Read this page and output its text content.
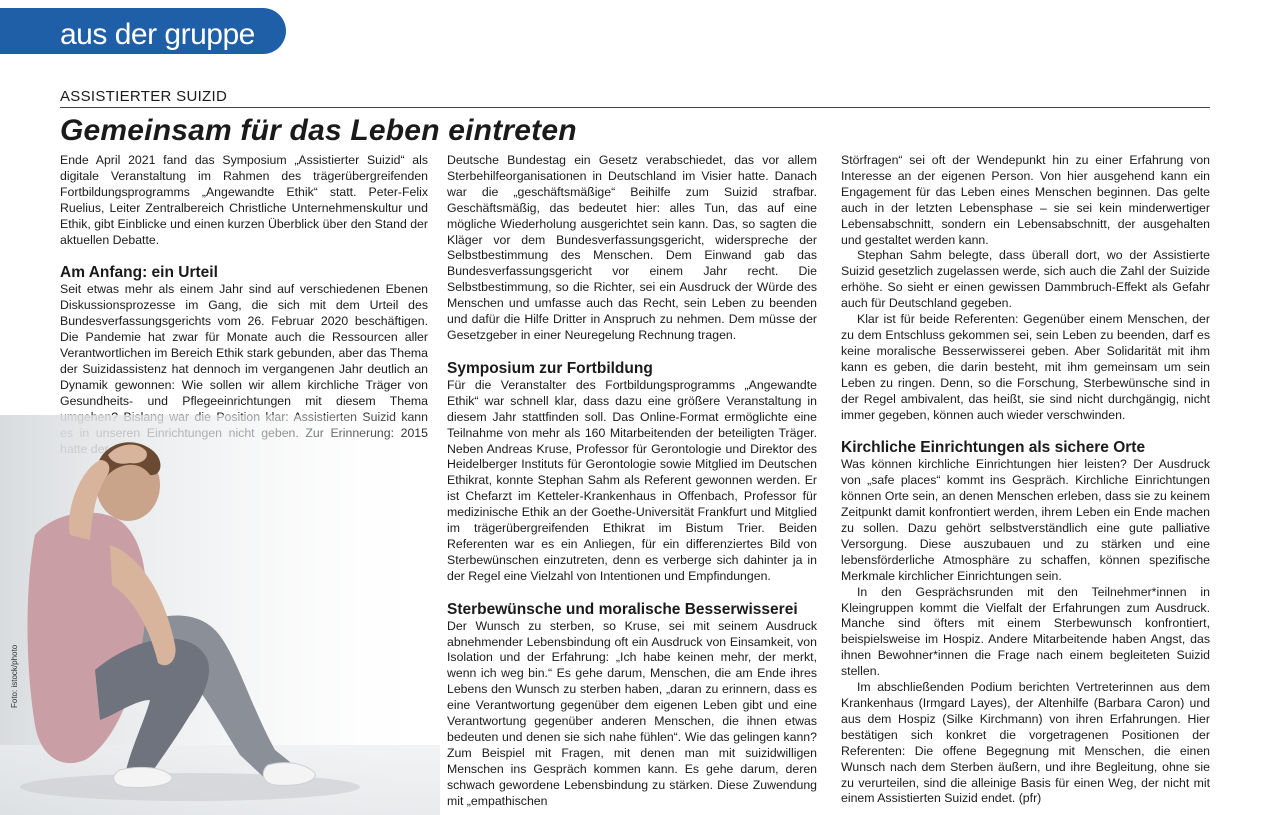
aus der gruppe
ASSISTIERTER SUIZID
Gemeinsam für das Leben eintreten

Ende April 2021 fand das Symposium „Assistierter Suizid“ als digitale Veranstaltung im Rahmen des trägerübergreifenden Fortbildungsprogramms „Angewandte Ethik“ statt. Peter-Felix Ruelius, Leiter Zentralbereich Christliche Unternehmenskultur und Ethik, gibt Einblicke und einen kurzen Überblick über den Stand der aktuellen Debatte.

Am Anfang: ein Urteil

Seit etwas mehr als einem Jahr sind auf verschiedenen Ebenen Diskussionsprozesse im Gang, die sich mit dem Urteil des Bundesverfassungsgerichts vom 26. Februar 2020 beschäftigen. Die Pandemie hat zwar für Monate auch die Ressourcen aller Verantwortlichen im Bereich Ethik stark gebunden, aber das Thema der Suizidassistenz hat dennoch im vergangenen Jahr deutlich an Dynamik gewonnen: Wie sollen wir allem kirchliche Träger von Gesundheits- und Pflegeeinrichtungen mit diesem Thema

Deutsche Bundestag ein Gesetz verabschiedet, das vor allem Sterbehilfeorganisationen in Deutschland im Visier hatte. Danach war die „geschäftsmäßige“ Beihilfe zum Suizid strafbar. Geschäftsmäßig, das bedeutet hier: alles Tun, das auf eine mögliche Wiederholung ausgerichtet sein kann. Das, so sagten die Kläger vor dem Bundesverfassungsgericht, widerspreche der Selbstbestimmung des Menschen. Dem Einwand gab das Bundesverfassungsgericht vor einem Jahr recht. Die Selbstbestimmung, so die Richter, sei ein Ausdruck der Würde des Menschen und umfasse auch das Recht, sein Leben zu beenden und dafür die Hilfe Dritter in Anspruch zu nehmen. Dem müsse der Gesetzgeber in einer Neuregelung Rechnung tragen.

Symposium zur Fortbildung

Für die Veranstalter des Fortbildungsprogramms „Angewandte Ethik“ war schnell klar, dass dazu eine größere Veranstaltung in diesem Jahr stattfinden soll. Das Online-Format ermöglichte eine Teilnahme von mehr als 160 Mitarbeitenden der beteiligten Träger. Neben Andreas Kruse, Professor für Gerontologie und Direktor des Heidelberger Instituts für Gerontologie sowie Mitglied im Deutschen Ethikrat, konnte Stephan Sahm als Referent gewonnen werden. Er ist Chefarzt im Ketteler-Krankenhaus in Offenbach, Professor für medizinische Ethik an der Goethe-Universität Frankfurt und Mitglied im trägerübergreifenden Ethikrat im Bistum Trier. Beiden Referenten war es ein Anliegen, für ein differenziertes Bild von Sterbewünschen einzutreten, denn es verberge sich dahinter ja in der Regel eine Vielzahl von Intentionen und Empfindungen.

Sterbewünsche und moralische Besserwisserei

Der Wunsch zu sterben, so Kruse, sei mit seinem Ausdruck abnehmender Lebensbindung oft ein Ausdruck von Einsamkeit, von Isolation und der Erfahrung: „Ich habe keinen mehr, der merkt, wenn ich weg bin.“ Es gehe darum, Menschen, die am Ende ihres Lebens den Wunsch zu sterben haben, „daran zu erinnern, dass es eine Verantwortung gegenüber dem eigenen Leben gibt und eine Verantwortung gegenüber anderen Menschen, die ihnen etwas bedeuten und denen sie sich nahe fühlen“. Wie das gelingen kann? Zum Beispiel mit Fragen, mit denen man mit suizidwilligen Menschen ins Gespräch kommen kann. Es gehe darum, deren schwach gewordene Lebensbindung zu stärken. Diese Zuwendung mit „empathischen

Störfragen“ sei oft der Wendepunkt hin zu einer Erfahrung von Interesse an der eigenen Person. Von hier ausgehend kann ein Engagement für das Leben eines Menschen beginnen. Das gelte auch in der letzten Lebensphase – sie sei kein minderwertiger Lebensabschnitt, sondern ein Lebensabschnitt, der ausgehalten und gestaltet werden kann.

Stephan Sahm belegte, dass überall dort, wo der Assistierte Suizid gesetzlich zugelassen werde, sich auch die Zahl der Suizide erhöhe. So sieht er einen gewissen Dammbruch-Effekt als Gefahr auch für Deutschland gegeben.

Klar ist für beide Referenten: Gegenüber einem Menschen, der zu dem Entschluss gekommen sei, sein Leben zu beenden, darf es keine moralische Besserwisserei geben. Aber Solidarität mit ihm kann es geben, die darin besteht, mit ihm gemeinsam um sein Leben zu ringen. Denn, so die Forschung, Sterbewünsche sind in der Regel ambivalent, das heißt, sie sind nicht durchgängig, nicht immer gegeben, können auch wieder verschwinden.

Kirchliche Einrichtungen als sichere Orte

Was können kirchliche Einrichtungen hier leisten? Der Ausdruck von „safe places“ kommt ins Gespräch. Kirchliche Einrichtungen können Orte sein, an denen Menschen erleben, dass sie zu keinem Zeitpunkt damit konfrontiert werden, ihrem Leben ein Ende machen zu sollen. Dazu gehört selbstverständlich eine gute palliative Versorgung. Diese auszubauen und zu stärken und eine lebensförderliche Atmosphäre zu schaffen, können spezifische Merkmale kirchlicher Einrichtungen sein.

In den Gesprächsrunden mit den Teilnehmer*innen in Kleingruppen kommt die Vielfalt der Erfahrungen zum Ausdruck. Manche sind öfters mit einem Sterbewunsch konfrontiert, beispielsweise im Hospiz. Andere Mitarbeitende haben Angst, das ihnen Bewohner*innen die Frage nach einem begleiteten Suizid stellen.

Im abschließenden Podium berichten Vertreterinnen aus dem Krankenhaus (Irmgard Layes), der Altenhilfe (Barbara Caron) und aus dem Hospiz (Silke Kirchmann) von ihren Erfahrungen. Hier bestätigen sich konkret die vorgetragenen Positionen der Referenten: Die offene Begegnung mit Menschen, die einen Wunsch nach dem Sterben äußern, und ihre Begleitung, ohne sie zu verurteilen, sind die alleinige Basis für einen Weg, der nicht mit einem Assistierten Suizid endet. (pfr)

Foto: istock/photo
